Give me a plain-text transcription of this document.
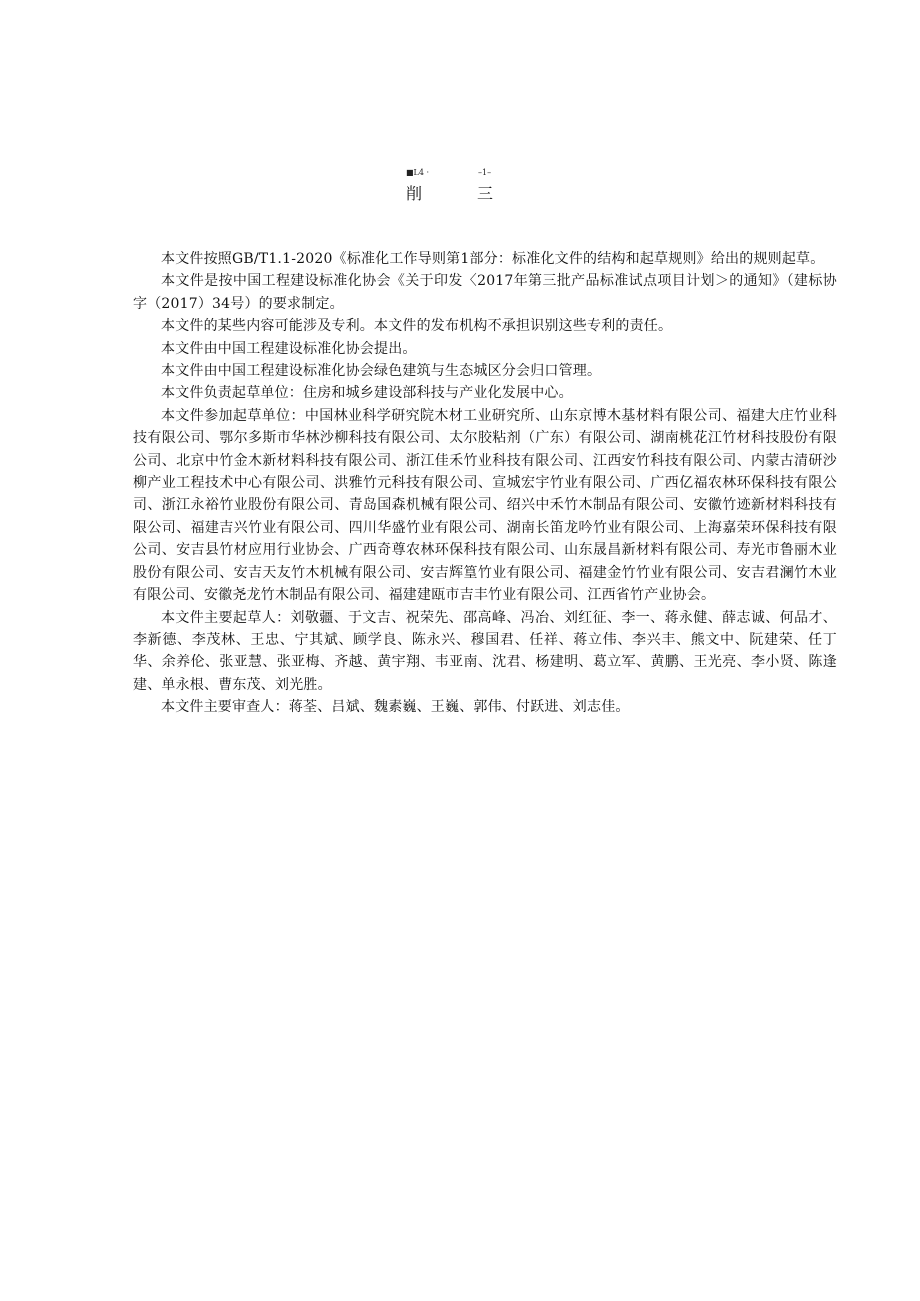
■L4 ·	–1–
削	三

本文件按照GB/T1.1-2020《标准化工作导则第1部分：标准化文件的结构和起草规则》给出的规则起草。

本文件是按中国工程建设标准化协会《关于印发〈2017年第三批产品标准试点项目计划＞的通知》（建标协字（2017）34号）的要求制定。

本文件的某些内容可能涉及专利。本文件的发布机构不承担识别这些专利的责任。

本文件由中国工程建设标准化协会提出。

本文件由中国工程建设标准化协会绿色建筑与生态城区分会归口管理。

本文件负责起草单位：住房和城乡建设部科技与产业化发展中心。

本文件参加起草单位：中国林业科学研究院木材工业研究所、山东京博木基材料有限公司、福建大庄竹业科技有限公司、鄂尔多斯市华林沙柳科技有限公司、太尔胶粘剂（广东）有限公司、湖南桃花江竹材科技股份有限公司、北京中竹金木新材料科技有限公司、浙江佳禾竹业科技有限公司、江西安竹科技有限公司、内蒙古清研沙柳产业工程技术中心有限公司、洪雅竹元科技有限公司、宣城宏宇竹业有限公司、广西亿福农林环保科技有限公司、浙江永裕竹业股份有限公司、青岛国森机械有限公司、绍兴中禾竹木制品有限公司、安徽竹迹新材料科技有限公司、福建吉兴竹业有限公司、四川华盛竹业有限公司、湖南长笛龙吟竹业有限公司、上海嘉荣环保科技有限公司、安吉县竹材应用行业协会、广西奇尊农林环保科技有限公司、山东晟昌新材料有限公司、寿光市鲁丽木业股份有限公司、安吉天友竹木机械有限公司、安吉辉篁竹业有限公司、福建金竹竹业有限公司、安吉君澜竹木业有限公司、安徽尧龙竹木制品有限公司、福建建瓯市吉丰竹业有限公司、江西省竹产业协会。

本文件主要起草人：刘敬疆、于文吉、祝荣先、邵高峰、冯冶、刘红征、李一、蒋永健、薛志诚、何品才、李新德、李茂林、王忠、宁其斌、顾学良、陈永兴、穆国君、任祥、蒋立伟、李兴丰、熊文中、阮建荣、任丁华、余养伦、张亚慧、张亚梅、齐越、黄宇翔、韦亚南、沈君、杨建明、葛立军、黄鹏、王光亮、李小贤、陈逢建、单永根、曹东茂、刘光胜。

本文件主要审查人：蒋荃、吕斌、魏素巍、王巍、郭伟、付跃进、刘志佳。
